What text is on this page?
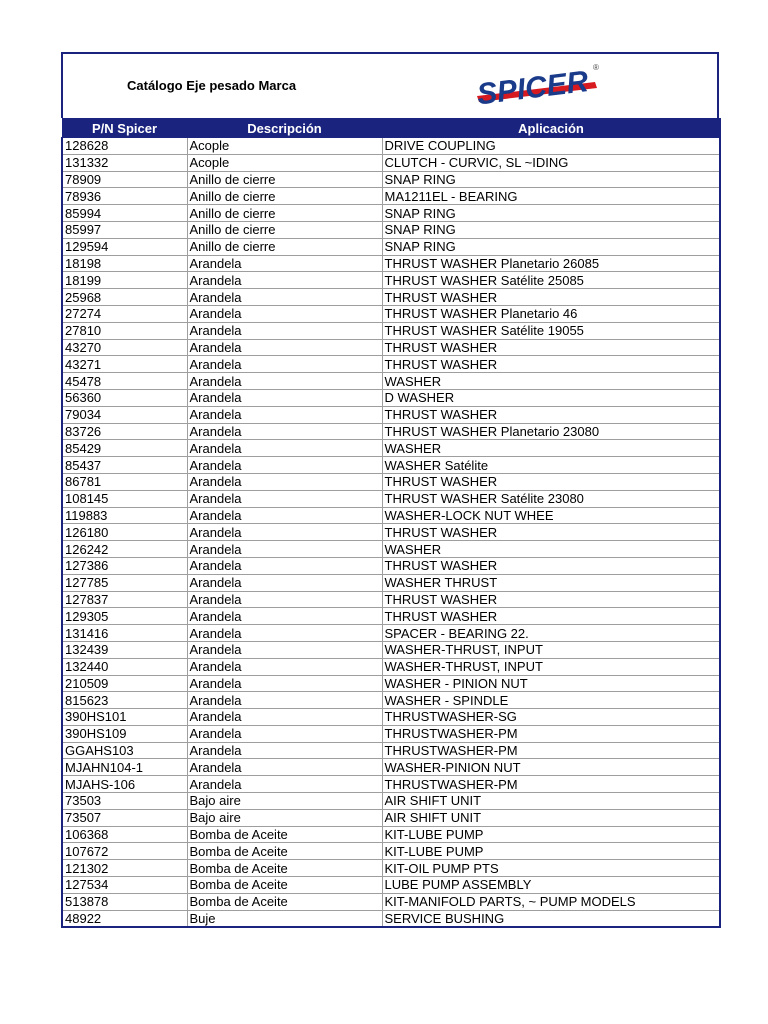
Catálogo Eje pesado Marca	SPICER ®
P/N Spicer	Descripción	Aplicación
128628	Acople	DRIVE COUPLING
131332	Acople	CLUTCH - CURVIC, SL ~IDING
78909	Anillo de cierre	SNAP RING
78936	Anillo de cierre	MA1211EL - BEARING
85994	Anillo de cierre	SNAP RING
85997	Anillo de cierre	SNAP RING
129594	Anillo de cierre	SNAP RING
18198	Arandela	THRUST WASHER Planetario 26085
18199	Arandela	THRUST WASHER Satélite 25085
25968	Arandela	THRUST WASHER
27274	Arandela	THRUST WASHER Planetario 46
27810	Arandela	THRUST WASHER Satélite 19055
43270	Arandela	THRUST WASHER
43271	Arandela	THRUST WASHER
45478	Arandela	WASHER
56360	Arandela	D WASHER
79034	Arandela	THRUST WASHER
83726	Arandela	THRUST WASHER Planetario 23080
85429	Arandela	WASHER
85437	Arandela	WASHER Satélite
86781	Arandela	THRUST WASHER
108145	Arandela	THRUST WASHER Satélite 23080
119883	Arandela	WASHER-LOCK NUT WHEE
126180	Arandela	THRUST WASHER
126242	Arandela	WASHER
127386	Arandela	THRUST WASHER
127785	Arandela	WASHER THRUST
127837	Arandela	THRUST WASHER
129305	Arandela	THRUST WASHER
131416	Arandela	SPACER - BEARING 22.
132439	Arandela	WASHER-THRUST, INPUT
132440	Arandela	WASHER-THRUST, INPUT
210509	Arandela	WASHER - PINION NUT
815623	Arandela	WASHER - SPINDLE
390HS101	Arandela	THRUSTWASHER-SG
390HS109	Arandela	THRUSTWASHER-PM
GGAHS103	Arandela	THRUSTWASHER-PM
MJAHN104-1	Arandela	WASHER-PINION NUT
MJAHS-106	Arandela	THRUSTWASHER-PM
73503	Bajo aire	AIR SHIFT UNIT
73507	Bajo aire	AIR SHIFT UNIT
106368	Bomba de Aceite	KIT-LUBE PUMP
107672	Bomba de Aceite	KIT-LUBE PUMP
121302	Bomba de Aceite	KIT-OIL PUMP PTS
127534	Bomba de Aceite	LUBE PUMP ASSEMBLY
513878	Bomba de Aceite	KIT-MANIFOLD PARTS, ~ PUMP MODELS
48922	Buje	SERVICE BUSHING
